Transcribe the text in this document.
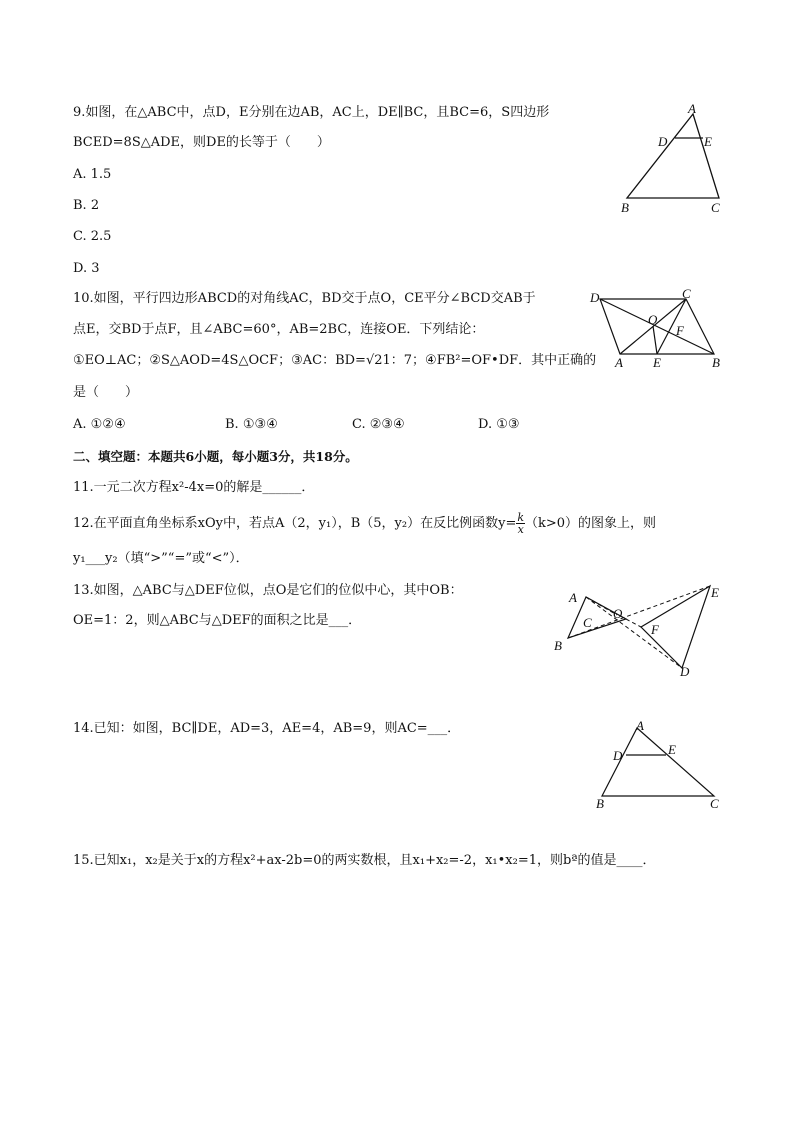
9.如图，在△ABC中，点D，E分别在边AB，AC上，DE∥BC，且BC=6，S四边形
BCED=8S△ADE，则DE的长等于（　　）
A. 1.5
B. 2
C. 2.5
D. 3
A
D	E
B	C
10.如图，平行四边形ABCD的对角线AC，BD交于点O，CE平分∠BCD交AB于
点E，交BD于点F，且∠ABC=60°，AB=2BC，连接OE．下列结论：
①EO⊥AC；②S△AOD=4S△OCF；③AC：BD=√21：7；④FB²=OF•DF．其中正确的
是（　　）
A. ①②④	B. ①③④	C. ②③④	D. ①③
D	C
O
F
A E	B
二、填空题：本题共6小题，每小题3分，共18分。
11.一元二次方程x²-4x=0的解是______．
12.在平面直角坐标系xOy中，若点A（2，y₁），B（5，y₂）在反比例函数$y= \frac{k}{x} (k>0)$的图象上，则
y₁___y₂（填“>”“=”或“<”）．
13.如图，△ABC与△DEF位似，点O是它们的位似中心，其中OB：
OE=1：2，则△ABC与△DEF的面积之比是___．
A
C
B
O
E
F
D
14.已知：如图，BC∥DE，AD=3，AE=4，AB=9，则AC=___．	A
D	E
B	C
15.已知x₁，x₂是关于x的方程x²+ax-2b=0的两实数根，且x₁+x₂=-2，x₁•x₂=1，则bª的值是____．
